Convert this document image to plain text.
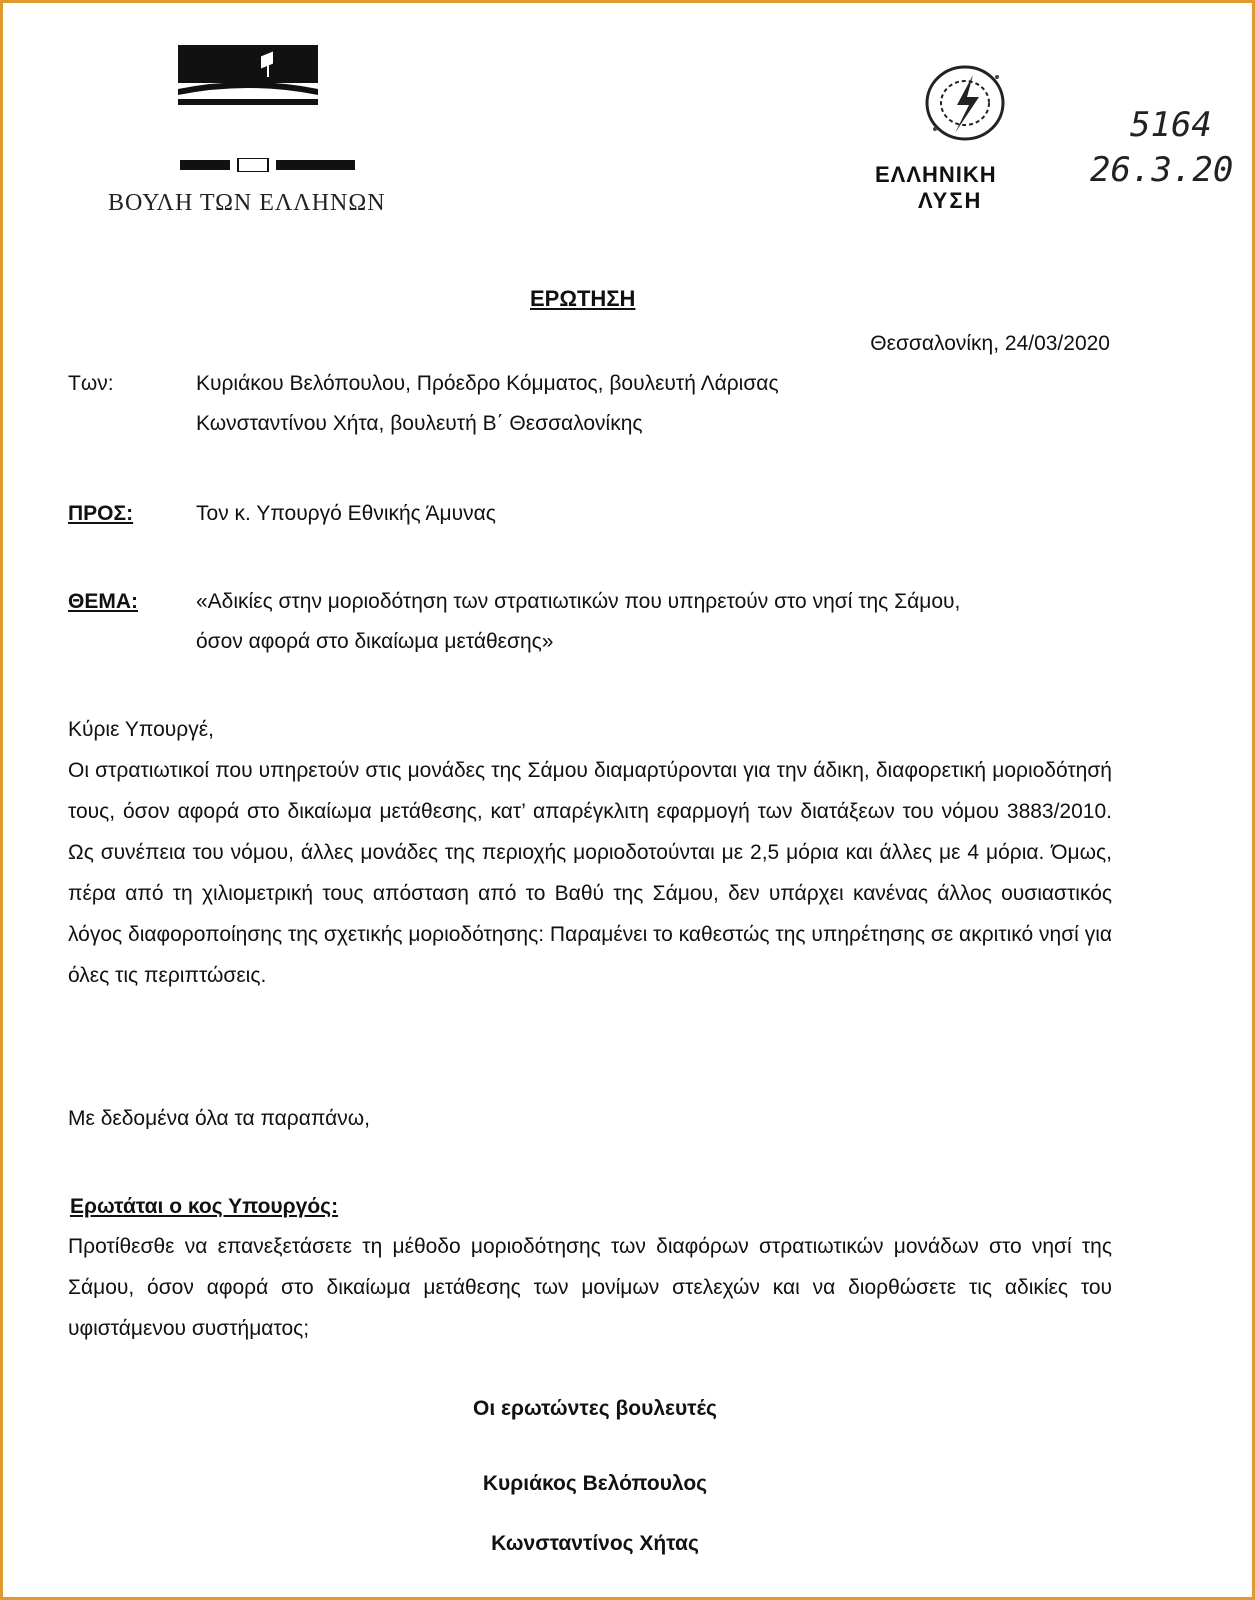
ΒΟΥΛΗ ΤΩΝ ΕΛΛΗΝΩΝ
ΕΛΛΗΝΙΚΗ
ΛΥΣΗ
5164
26.3.20
ΕΡΩΤΗΣΗ
Θεσσαλονίκη, 24/03/2020
Των:	Κυριάκου Βελόπουλου, Πρόεδρο Κόμματος, βουλευτή Λάρισας
Κωνσταντίνου Χήτα, βουλευτή Β΄ Θεσσαλονίκης
ΠΡΟΣ:	Τον κ. Υπουργό Εθνικής Άμυνας
ΘΕΜΑ:	«Αδικίες στην μοριοδότηση των στρατιωτικών που υπηρετούν στο νησί της Σάμου,
όσον αφορά στο δικαίωμα μετάθεσης»
Κύριε Υπουργέ,
Οι στρατιωτικοί που υπηρετούν στις μονάδες της Σάμου διαμαρτύρονται για την άδικη, διαφορετική μοριοδότησή τους, όσον αφορά στο δικαίωμα μετάθεσης, κατ’ απαρέγκλιτη εφαρμογή των διατάξεων του νόμου 3883/2010. Ως συνέπεια του νόμου, άλλες μονάδες της περιοχής μοριοδοτούνται με 2,5 μόρια και άλλες με 4 μόρια. Όμως, πέρα από τη χιλιομετρική τους απόσταση από το Βαθύ της Σάμου, δεν υπάρχει κανένας άλλος ουσιαστικός λόγος διαφοροποίησης της σχετικής μοριοδότησης: Παραμένει το καθεστώς της υπηρέτησης σε ακριτικό νησί για όλες τις περιπτώσεις.
Με δεδομένα όλα τα παραπάνω,
Ερωτάται ο κος Υπουργός:
Προτίθεσθε να επανεξετάσετε τη μέθοδο μοριοδότησης των διαφόρων στρατιωτικών μονάδων στο νησί της Σάμου, όσον αφορά στο δικαίωμα μετάθεσης των μονίμων στελεχών και να διορθώσετε τις αδικίες του υφιστάμενου συστήματος;
Οι ερωτώντες βουλευτές
Κυριάκος Βελόπουλος
Κωνσταντίνος Χήτας
